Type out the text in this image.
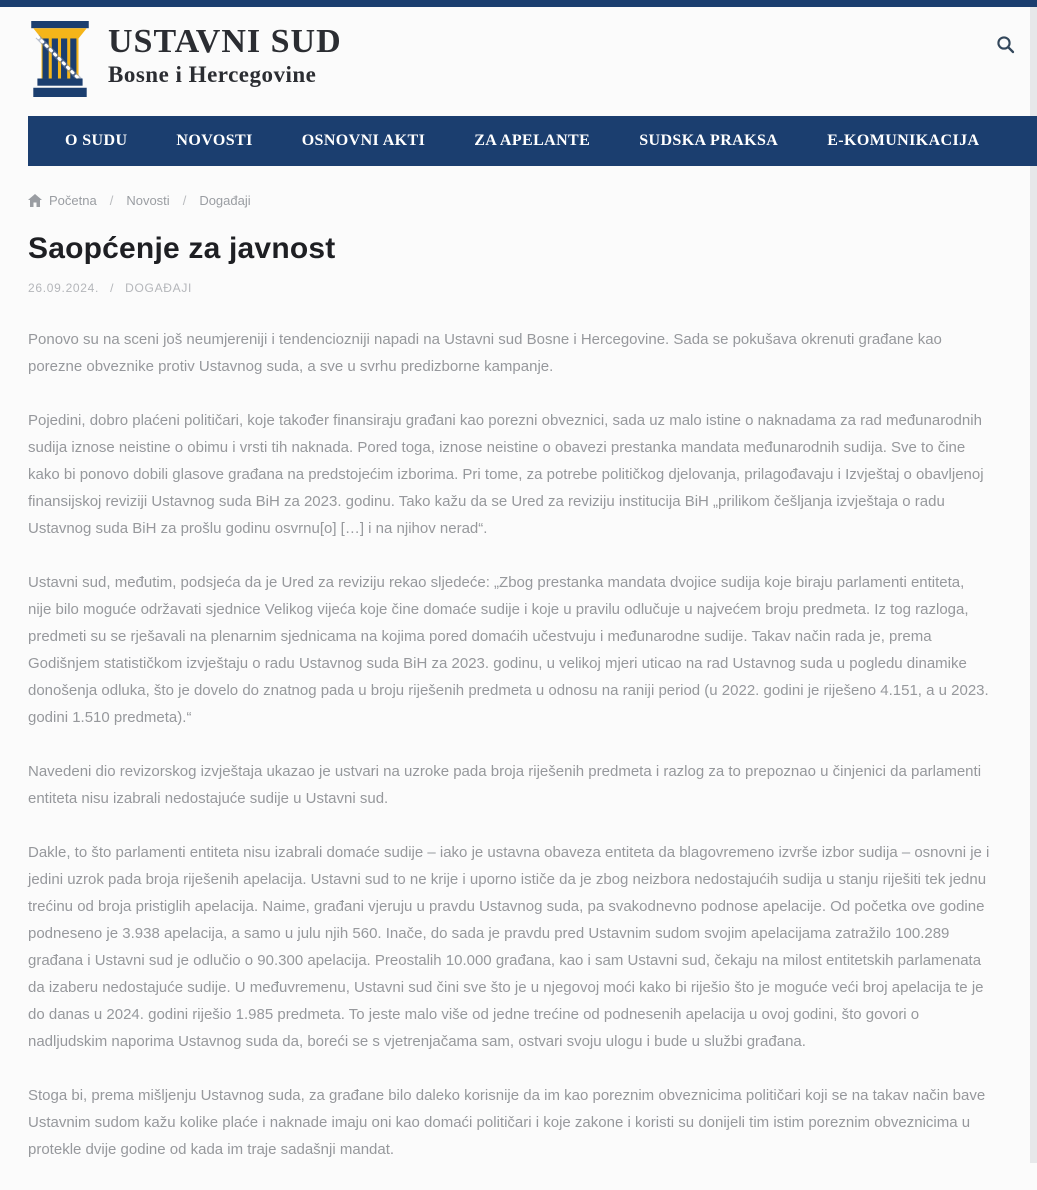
USTAVNI SUD
Bosne i Hercegovine
O SUDU	NOVOSTI	OSNOVNI AKTI	ZA APELANTE	SUDSKA PRAKSA	E-KOMUNIKACIJA
Početna / Novosti / Događaji
Saopćenje za javnost
26.09.2024. / DOGAĐAJI

Ponovo su na sceni još neumjereniji i tendenciozniji napadi na Ustavni sud Bosne i Hercegovine. Sada se pokušava okrenuti građane kao porezne obveznike protiv Ustavnog suda, a sve u svrhu predizborne kampanje.

Pojedini, dobro plaćeni političari, koje također finansiraju građani kao porezni obveznici, sada uz malo istine o naknadama za rad međunarodnih sudija iznose neistine o obimu i vrsti tih naknada. Pored toga, iznose neistine o obavezi prestanka mandata međunarodnih sudija. Sve to čine kako bi ponovo dobili glasove građana na predstojećim izborima. Pri tome, za potrebe političkog djelovanja, prilagođavaju i Izvještaj o obavljenoj finansijskoj reviziji Ustavnog suda BiH za 2023. godinu. Tako kažu da se Ured za reviziju institucija BiH „prilikom češljanja izvještaja o radu Ustavnog suda BiH za prošlu godinu osvrnu[o] […] i na njihov nerad“.

Ustavni sud, međutim, podsjeća da je Ured za reviziju rekao sljedeće: „Zbog prestanka mandata dvojice sudija koje biraju parlamenti entiteta, nije bilo moguće održavati sjednice Velikog vijeća koje čine domaće sudije i koje u pravilu odlučuje u najvećem broju predmeta. Iz tog razloga, predmeti su se rješavali na plenarnim sjednicama na kojima pored domaćih učestvuju i međunarodne sudije. Takav način rada je, prema Godišnjem statističkom izvještaju o radu Ustavnog suda BiH za 2023. godinu, u velikoj mjeri uticao na rad Ustavnog suda u pogledu dinamike donošenja odluka, što je dovelo do znatnog pada u broju riješenih predmeta u odnosu na raniji period (u 2022. godini je riješeno 4.151, a u 2023. godini 1.510 predmeta).“

Navedeni dio revizorskog izvještaja ukazao je ustvari na uzroke pada broja riješenih predmeta i razlog za to prepoznao u činjenici da parlamenti entiteta nisu izabrali nedostajuće sudije u Ustavni sud.

Dakle, to što parlamenti entiteta nisu izabrali domaće sudije – iako je ustavna obaveza entiteta da blagovremeno izvrše izbor sudija – osnovni je i jedini uzrok pada broja riješenih apelacija. Ustavni sud to ne krije i uporno ističe da je zbog neizbora nedostajućih sudija u stanju riješiti tek jednu trećinu od broja pristiglih apelacija. Naime, građani vjeruju u pravdu Ustavnog suda, pa svakodnevno podnose apelacije. Od početka ove godine podneseno je 3.938 apelacija, a samo u julu njih 560. Inače, do sada je pravdu pred Ustavnim sudom svojim apelacijama zatražilo 100.289 građana i Ustavni sud je odlučio o 90.300 apelacija. Preostalih 10.000 građana, kao i sam Ustavni sud, čekaju na milost entitetskih parlamenata da izaberu nedostajuće sudije. U međuvremenu, Ustavni sud čini sve što je u njegovoj moći kako bi riješio što je moguće veći broj apelacija te je do danas u 2024. godini riješio 1.985 predmeta. To jeste malo više od jedne trećine od podnesenih apelacija u ovoj godini, što govori o nadljudskim naporima Ustavnog suda da, boreći se s vjetrenjačama sam, ostvari svoju ulogu i bude u službi građana.

Stoga bi, prema mišljenju Ustavnog suda, za građane bilo daleko korisnije da im kao poreznim obveznicima političari koji se na takav način bave Ustavnim sudom kažu kolike plaće i naknade imaju oni kao domaći političari i koje zakone i koristi su donijeli tim istim poreznim obveznicima u protekle dvije godine od kada im traje sadašnji mandat.
